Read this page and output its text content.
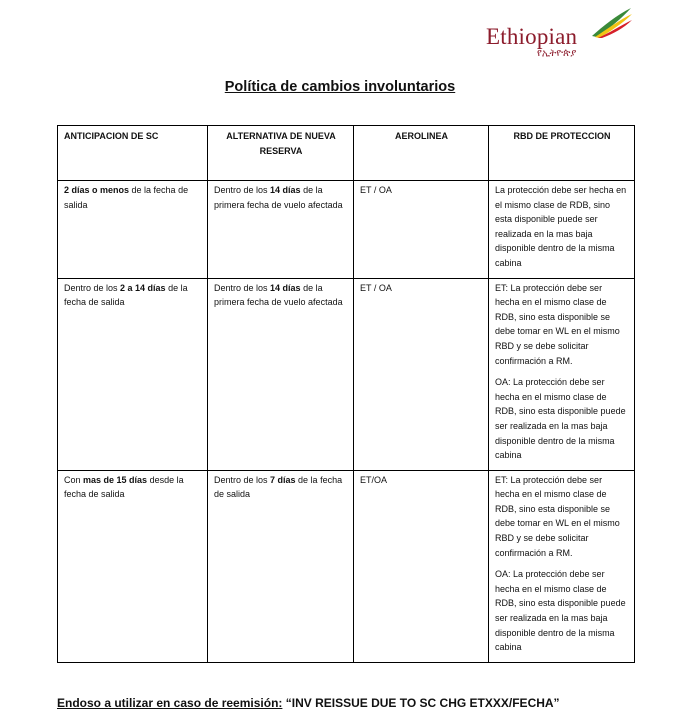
Ethiopian
የኢትዮጵያ
Política de cambios involuntarios
ANTICIPACION DE SC	ALTERNATIVA DE NUEVA RESERVA	AEROLINEA	RBD DE PROTECCION
2 días o menos de la fecha de salida	Dentro de los 14 días de la primera fecha de vuelo afectada	ET / OA	La protección debe ser hecha en el mismo clase de RDB, sino esta disponible puede ser realizada en la mas baja disponible dentro de la misma cabina

Dentro de los 2 a 14 días de la fecha de salida	Dentro de los 14 días de la primera fecha de vuelo afectada	ET / OA	ET: La protección debe ser hecha en el mismo clase de RDB, sino esta disponible se debe tomar en WL en el mismo RBD y se debe solicitar confirmación a RM.

OA: La protección debe ser hecha en el mismo clase de RDB, sino esta disponible puede ser realizada en la mas baja disponible dentro de la misma cabina

Con mas de 15 días desde la fecha de salida	Dentro de los 7 días de la fecha de salida	ET/OA	ET: La protección debe ser hecha en el mismo clase de RDB, sino esta disponible se debe tomar en WL en el mismo RBD y se debe solicitar confirmación a RM.

OA: La protección debe ser hecha en el mismo clase de RDB, sino esta disponible puede ser realizada en la mas baja disponible dentro de la misma cabina

Endoso a utilizar en caso de reemisión: “INV REISSUE DUE TO SC CHG ETXXX/FECHA”
